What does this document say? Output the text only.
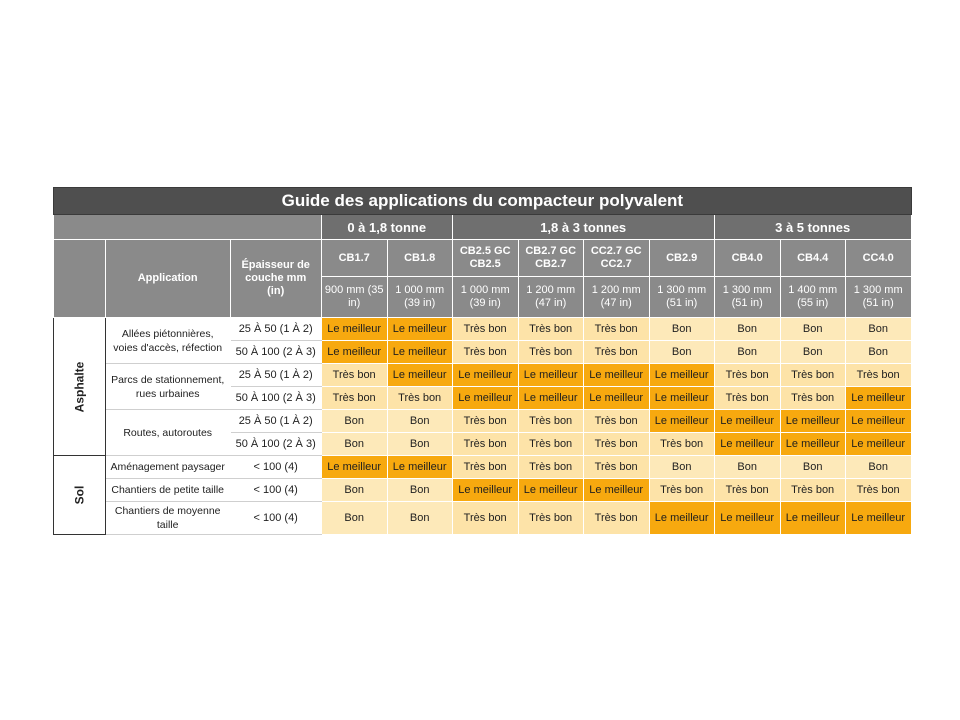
Guide des applications du compacteur polyvalent											
			0 à 1,8 tonne		1,8 à 3 tonnes				3 à 5 tonnes		
	Application	Épaisseur de couche mm (in)	CB1.7	CB1.8	CB2.5 GC CB2.5	CB2.7 GC CB2.7	CC2.7 GC CC2.7	CB2.9	CB4.0	CB4.4	CC4.0
			900 mm (35 in)	1 000 mm (39 in)	1 000 mm (39 in)	1 200 mm (47 in)	1 200 mm (47 in)	1 300 mm (51 in)	1 300 mm (51 in)	1 400 mm (55 in)	1 300 mm (51 in)
Asphalte	Allées piétonnières, voies d'accès, réfection	25 À 50 (1 À 2)	Le meilleur	Le meilleur	Très bon	Très bon	Très bon	Bon	Bon	Bon	Bon
		50 À 100 (2 À 3)	Le meilleur	Le meilleur	Très bon	Très bon	Très bon	Bon	Bon	Bon	Bon
	Parcs de stationnement, rues urbaines	25 À 50 (1 À 2)	Très bon	Le meilleur	Le meilleur	Le meilleur	Le meilleur	Le meilleur	Très bon	Très bon	Très bon
		50 À 100 (2 À 3)	Très bon	Très bon	Le meilleur	Le meilleur	Le meilleur	Le meilleur	Très bon	Très bon	Le meilleur
	Routes, autoroutes	25 À 50 (1 À 2)	Bon	Bon	Très bon	Très bon	Très bon	Le meilleur	Le meilleur	Le meilleur	Le meilleur
		50 À 100 (2 À 3)	Bon	Bon	Très bon	Très bon	Très bon	Très bon	Le meilleur	Le meilleur	Le meilleur
Sol	Aménagement paysager	< 100 (4)	Le meilleur	Le meilleur	Très bon	Très bon	Très bon	Bon	Bon	Bon	Bon
	Chantiers de petite taille	< 100 (4)	Bon	Bon	Le meilleur	Le meilleur	Le meilleur	Très bon	Très bon	Très bon	Très bon
	Chantiers de moyenne taille	< 100 (4)	Bon	Bon	Très bon	Très bon	Très bon	Le meilleur	Le meilleur	Le meilleur	Le meilleur
